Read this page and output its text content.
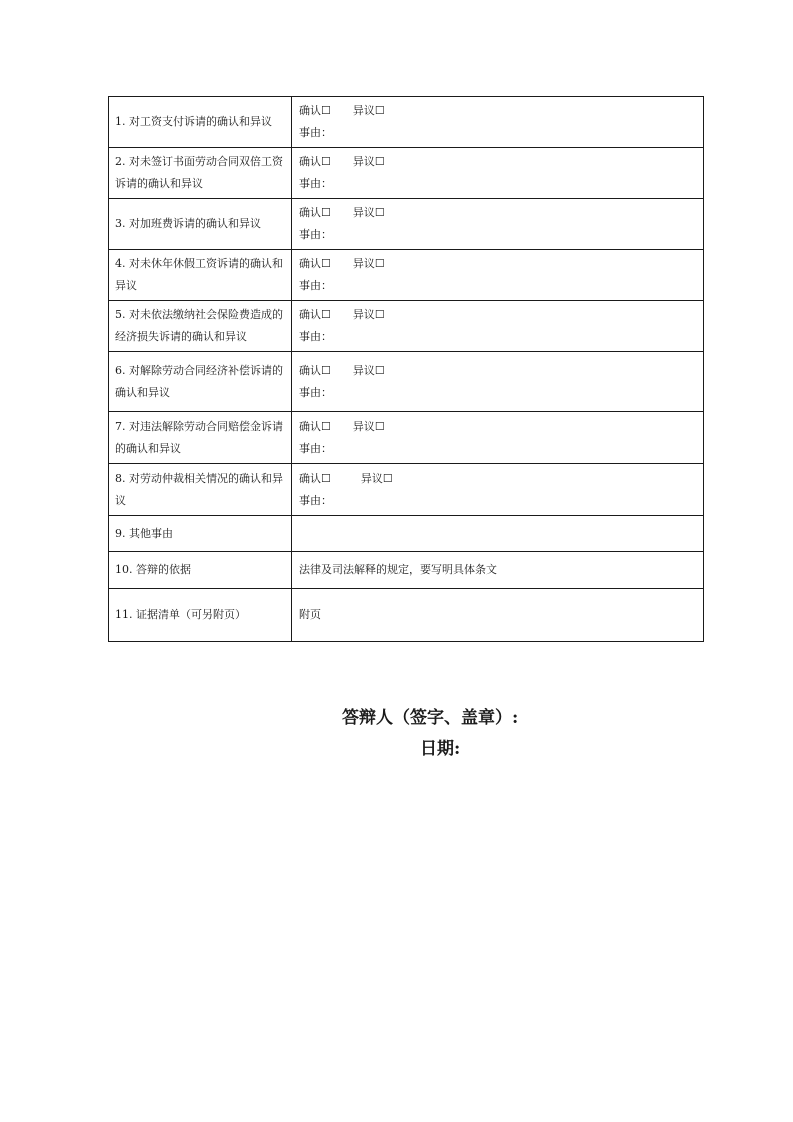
1. 对工资支付诉请的确认和异议	确认☐ 异议☐
事由：

2. 对未签订书面劳动合同双倍工资诉请的确认和异议	确认☐ 异议☐
事由：

3. 对加班费诉请的确认和异议	确认☐ 异议☐
事由：

4. 对未休年休假工资诉请的确认和异议	确认☐ 异议☐
事由：

5. 对未依法缴纳社会保险费造成的经济损失诉请的确认和异议	确认☐ 异议☐
事由：

6. 对解除劳动合同经济补偿诉请的确认和异议	确认☐ 异议☐
事由：

7. 对违法解除劳动合同赔偿金诉请的确认和异议	确认☐ 异议☐
事由：

8. 对劳动仲裁相关情况的确认和异议	确认☐ 异议☐
事由：

9. 其他事由	
10. 答辩的依据	法律及司法解释的规定，要写明具体条文
11. 证据清单（可另附页）	附页
答辩人（签字、盖章）:
日期:
